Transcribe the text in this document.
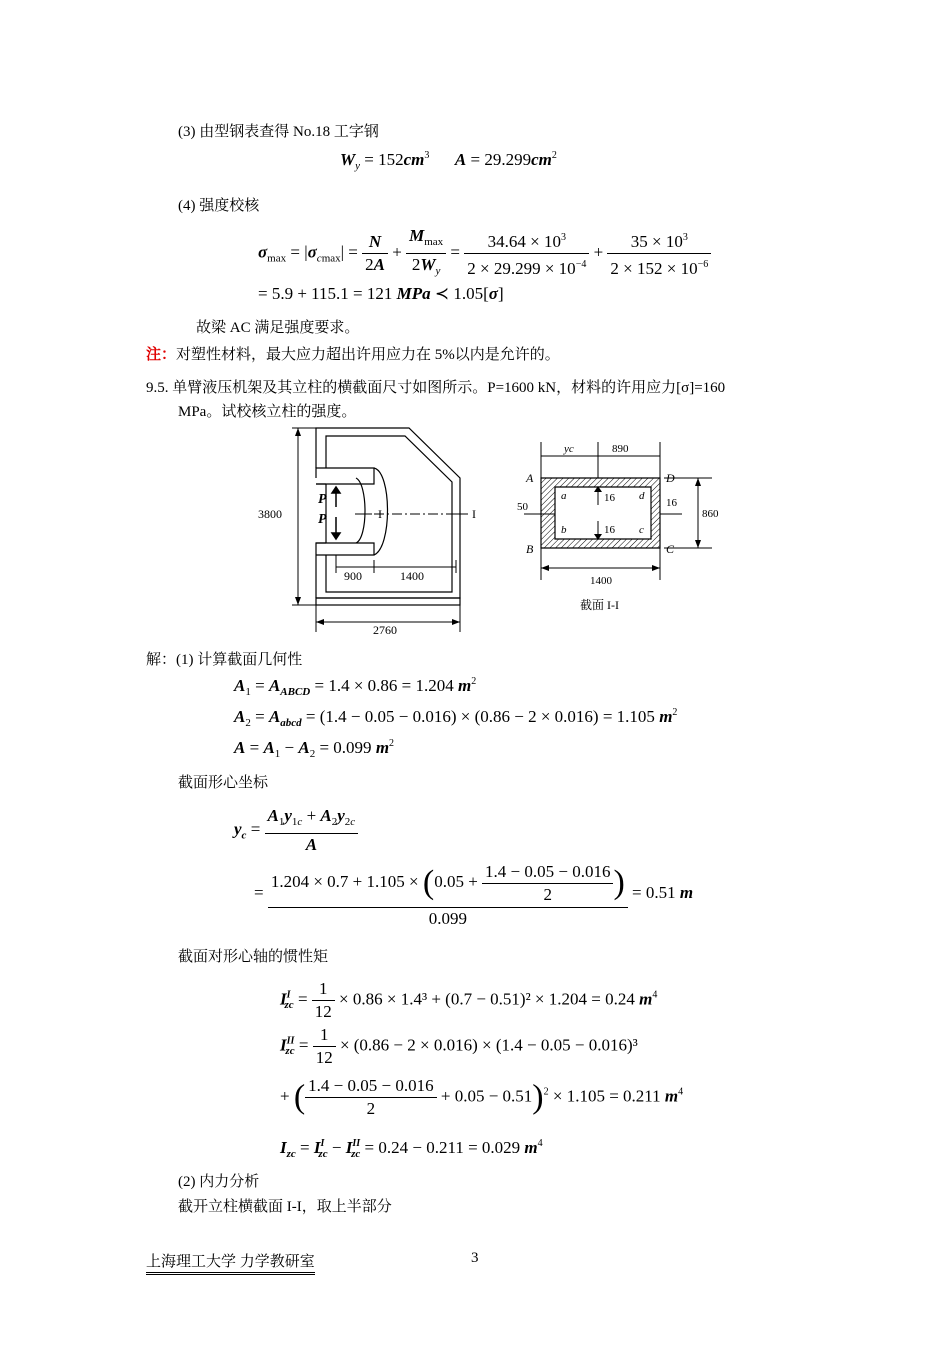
(3) 由型钢表查得 No.18 工字钢
$W_y = 152cm^3$ $A = 29.299cm^2$
(4) 强度校核
$\sigma_{max} = |\sigma_{cmax}| = \frac{N}{2A} + \frac{M_{max}}{2W_y} = \frac{34.64 \times 10^3}{2 \times 29.299 \times 10^{-4}} + \frac{35 \times 10^3}{2 \times 152 \times 10^{-6}}$
= 5.9 + 115.1 = 121 MPa ≺ 1.05[σ]
故梁 AC 满足强度要求。
注：对塑性材料，最大应力超出许用应力在 5%以内是允许的。
9.5. 单臂液压机架及其立柱的横截面尺寸如图所示。P=1600 kN，材料的许用应力[σ]=160
MPa。试校核立柱的强度。
P
P	I	I
3800
900	1400
2760
A	D
B	C
a	d
b	c
yc	890
50
16
16
16
860
1400
截面 I-I
解：(1) 计算截面几何性
$A_1 = A_{ABCD} = 1.4 \times 0.86 = 1.204$ $m^2$
$A_2 = A_{abcd} = (1.4 - 0.05 - 0.016) \times (0.86 - 2 \times 0.016) = 1.105$ $m^2$
$A = A_1 - A_2 = 0.099$ $m^2$
截面形心坐标
$y_c = \frac{A_1y_{1c} + A_2y_{2c}}{A}$
= $\frac{1.204 \times 0.7 + 1.105 \times (0.05 + \frac{1.4 - 0.05 - 0.016}{2} )}{0.099} = 0.51$ m
截面对形心轴的惯性矩
$I^I_{zc} = \frac{1}{12} \times 0.86 \times 1.4^3 + (0.7 - 0.51)^2 \times 1.204 = 0.24$ $m^4$
$I^{II}_{zc} = \frac{1}{12} \times (0.86 - 2 \times 0.016) \times (1.4 - 0.05 - 0.016)^3$
+ ( $\frac{1.4 - 0.05 - 0.016}{2} + 0.05 - 0.51)^2 \times 1.105 = 0.211$ $m^4$
$I_{zc} = I^I_{zc} - I^{II}_{zc} = 0.24 - 0.211 = 0.029$ $m^4$
(2) 内力分析
截开立柱横截面 I-I，取上半部分
上海理工大学 力学教研室	3
